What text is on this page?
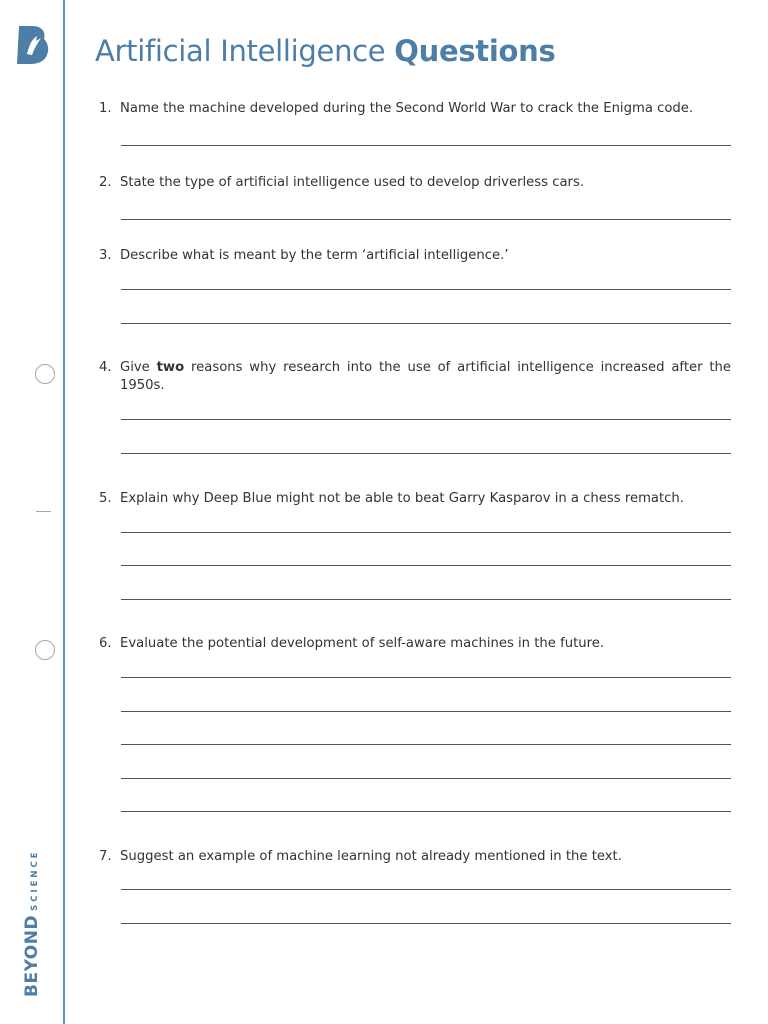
BEYOND
SCIENCE
Artificial Intelligence Questions
1. Name the machine developed during the Second World War to crack the Enigma code.
2. State the type of artificial intelligence used to develop driverless cars.
3. Describe what is meant by the term ‘artificial intelligence.’
4. Give two reasons why research into the use of artificial intelligence increased after the 1950s.
5. Explain why Deep Blue might not be able to beat Garry Kasparov in a chess rematch.
6. Evaluate the potential development of self-aware machines in the future.
7. Suggest an example of machine learning not already mentioned in the text.
